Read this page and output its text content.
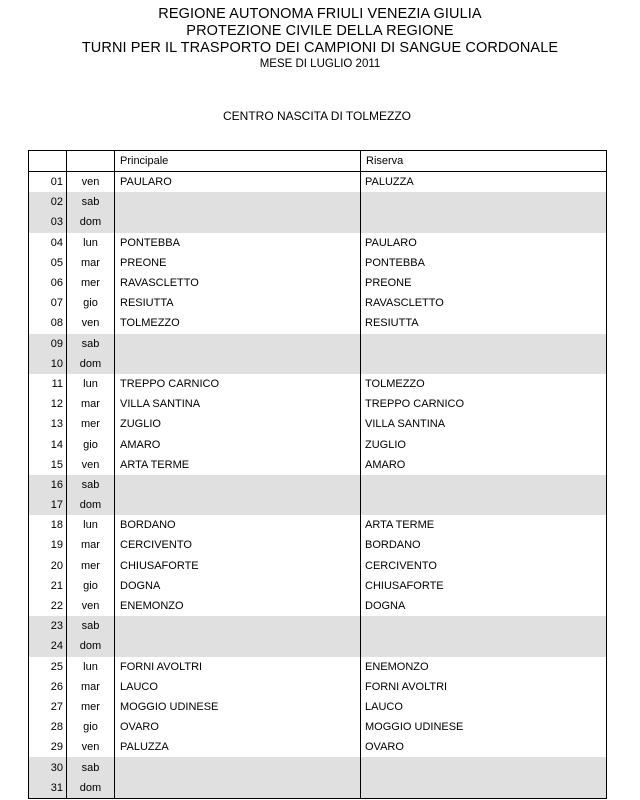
REGIONE AUTONOMA FRIULI VENEZIA GIULIA
PROTEZIONE CIVILE DELLA REGIONE
TURNI PER IL TRASPORTO DEI CAMPIONI DI SANGUE CORDONALE
MESE DI LUGLIO 2011
CENTRO NASCITA DI TOLMEZZO
		Principale	Riserva
01	ven	PAULARO	PALUZZA
02	sab		
03	dom		
04	lun	PONTEBBA	PAULARO
05	mar	PREONE	PONTEBBA
06	mer	RAVASCLETTO	PREONE
07	gio	RESIUTTA	RAVASCLETTO
08	ven	TOLMEZZO	RESIUTTA
09	sab		
10	dom		
11	lun	TREPPO CARNICO	TOLMEZZO
12	mar	VILLA SANTINA	TREPPO CARNICO
13	mer	ZUGLIO	VILLA SANTINA
14	gio	AMARO	ZUGLIO
15	ven	ARTA TERME	AMARO
16	sab		
17	dom		
18	lun	BORDANO	ARTA TERME
19	mar	CERCIVENTO	BORDANO
20	mer	CHIUSAFORTE	CERCIVENTO
21	gio	DOGNA	CHIUSAFORTE
22	ven	ENEMONZO	DOGNA
23	sab		
24	dom		
25	lun	FORNI AVOLTRI	ENEMONZO
26	mar	LAUCO	FORNI AVOLTRI
27	mer	MOGGIO UDINESE	LAUCO
28	gio	OVARO	MOGGIO UDINESE
29	ven	PALUZZA	OVARO
30	sab		
31	dom		
